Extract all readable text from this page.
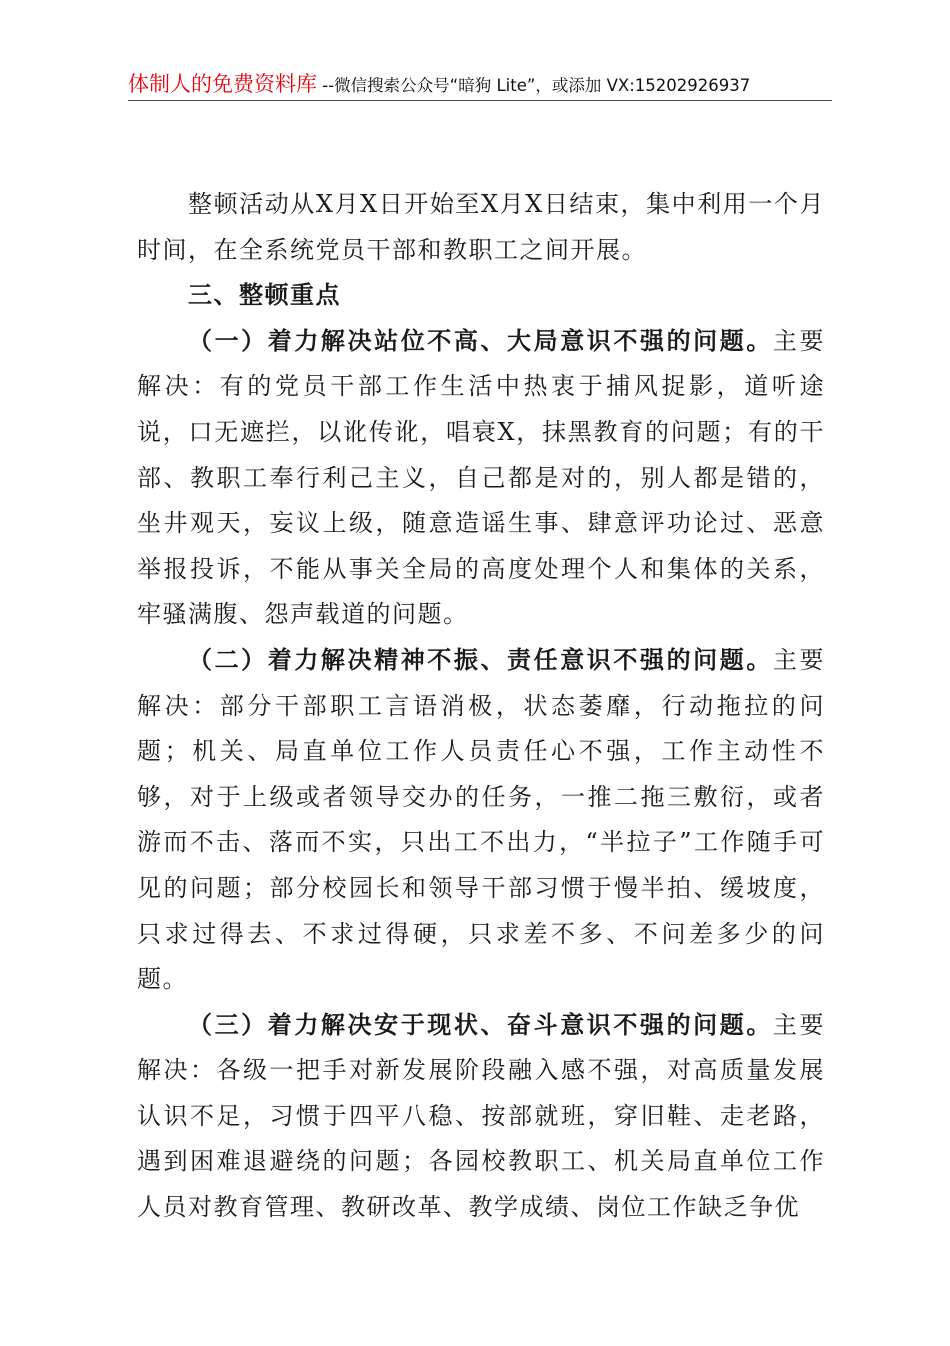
体制人的免费资料库 --微信搜索公众号“暗狗 Lite”，或添加 VX:15202926937

整顿活动从X月X日开始至X月X日结束，集中利用一个月时间，在全系统党员干部和教职工之间开展。

三、整顿重点

（一）着力解决站位不高、大局意识不强的问题。主要解决：有的党员干部工作生活中热衷于捕风捉影，道听途说，口无遮拦，以讹传讹，唱衰X，抹黑教育的问题；有的干部、教职工奉行利己主义，自己都是对的，别人都是错的，坐井观天，妄议上级，随意造谣生事、肆意评功论过、恶意举报投诉，不能从事关全局的高度处理个人和集体的关系，牢骚满腹、怨声载道的问题。

（二）着力解决精神不振、责任意识不强的问题。主要解决：部分干部职工言语消极，状态萎靡，行动拖拉的问题；机关、局直单位工作人员责任心不强，工作主动性不够，对于上级或者领导交办的任务，一推二拖三敷衍，或者游而不击、落而不实，只出工不出力，“半拉子”工作随手可见的问题；部分校园长和领导干部习惯于慢半拍、缓坡度，只求过得去、不求过得硬，只求差不多、不问差多少的问题。

（三）着力解决安于现状、奋斗意识不强的问题。主要解决：各级一把手对新发展阶段融入感不强，对高质量发展认识不足，习惯于四平八稳、按部就班，穿旧鞋、走老路，遇到困难退避绕的问题；各园校教职工、机关局直单位工作人员对教育管理、教研改革、教学成绩、岗位工作缺乏争优
